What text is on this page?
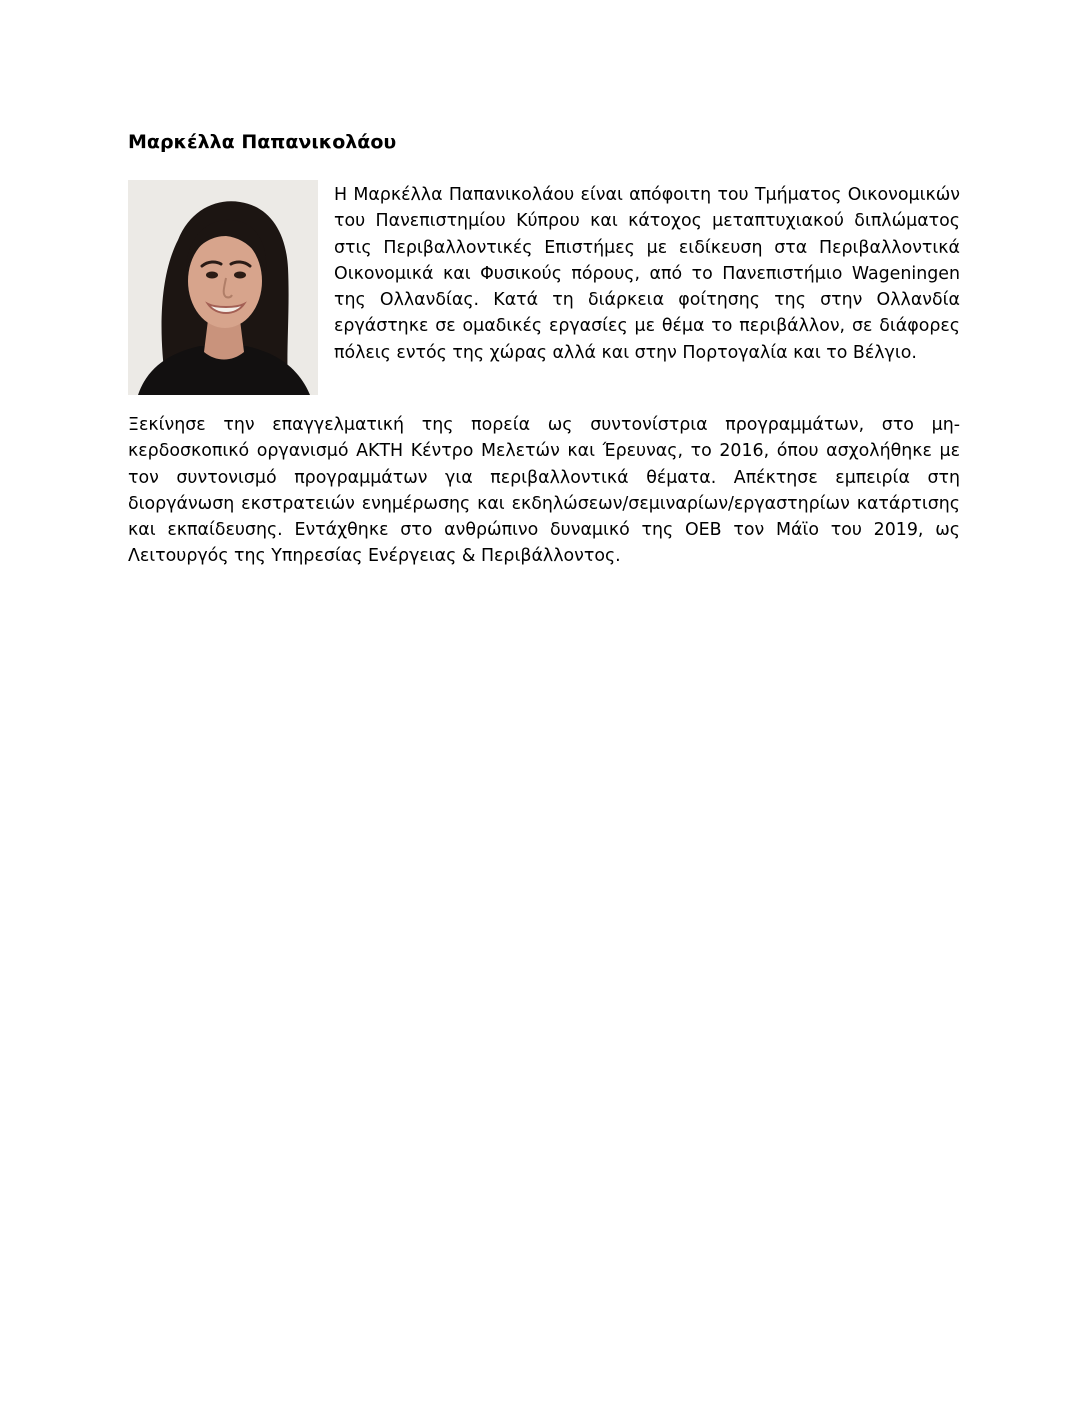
Μαρκέλλα Παπανικολάου

Η Μαρκέλλα Παπανικολάου είναι απόφοιτη του Τμήματος Οικονομικών του Πανεπιστημίου Κύπρου και κάτοχος μεταπτυχιακού διπλώματος στις Περιβαλλοντικές Επιστήμες με ειδίκευση στα Περιβαλλοντικά Οικονομικά και Φυσικούς πόρους, από το Πανεπιστήμιο Wageningen της Ολλανδίας. Κατά τη διάρκεια φοίτησης της στην Ολλανδία εργάστηκε σε ομαδικές εργασίες με θέμα το περιβάλλον, σε διάφορες πόλεις εντός της χώρας αλλά και στην Πορτογαλία και το Βέλγιο.

Ξεκίνησε την επαγγελματική της πορεία ως συντονίστρια προγραμμάτων, στο μη-κερδοσκοπικό οργανισμό ΑΚΤΗ Κέντρο Μελετών και Έρευνας, το 2016, όπου ασχολήθηκε με τον συντονισμό προγραμμάτων για περιβαλλοντικά θέματα. Απέκτησε εμπειρία στη διοργάνωση εκστρατειών ενημέρωσης και εκδηλώσεων/σεμιναρίων/εργαστηρίων κατάρτισης και εκπαίδευσης. Εντάχθηκε στο ανθρώπινο δυναμικό της ΟΕΒ τον Μάϊο του 2019, ως Λειτουργός της Υπηρεσίας Ενέργειας & Περιβάλλοντος.
